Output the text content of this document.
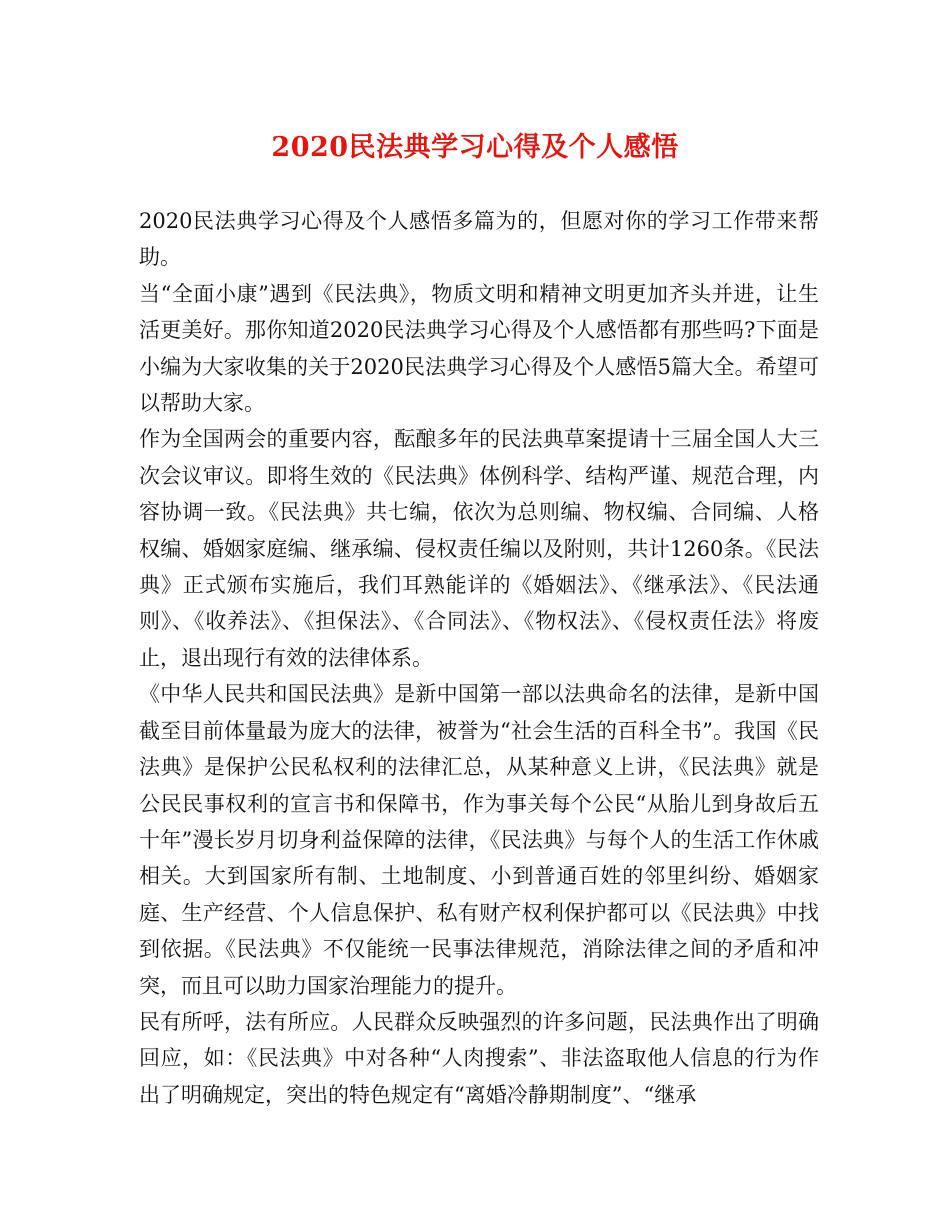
2020民法典学习心得及个人感悟

2020民法典学习心得及个人感悟多篇为的，但愿对你的学习工作带来帮助。

当“全面小康”遇到《民法典》，物质文明和精神文明更加齐头并进，让生活更美好。那你知道2020民法典学习心得及个人感悟都有那些吗?下面是小编为大家收集的关于2020民法典学习心得及个人感悟5篇大全。希望可以帮助大家。

作为全国两会的重要内容，酝酿多年的民法典草案提请十三届全国人大三次会议审议。即将生效的《民法典》体例科学、结构严谨、规范合理，内容协调一致。《民法典》共七编，依次为总则编、物权编、合同编、人格权编、婚姻家庭编、继承编、侵权责任编以及附则，共计1260条。《民法典》正式颁布实施后，我们耳熟能详的《婚姻法》、《继承法》、《民法通则》、《收养法》、《担保法》、《合同法》、《物权法》、《侵权责任法》将废止，退出现行有效的法律体系。

《中华人民共和国民法典》是新中国第一部以法典命名的法律，是新中国截至目前体量最为庞大的法律，被誉为“社会生活的百科全书”。我国《民法典》是保护公民私权利的法律汇总，从某种意义上讲，《民法典》就是公民民事权利的宣言书和保障书，作为事关每个公民“从胎儿到身故后五十年”漫长岁月切身利益保障的法律，《民法典》与每个人的生活工作休戚相关。大到国家所有制、土地制度、小到普通百姓的邻里纠纷、婚姻家庭、生产经营、个人信息保护、私有财产权利保护都可以《民法典》中找到依据。《民法典》不仅能统一民事法律规范，消除法律之间的矛盾和冲突，而且可以助力国家治理能力的提升。

民有所呼，法有所应。人民群众反映强烈的许多问题，民法典作出了明确回应，如：《民法典》中对各种“人肉搜索”、非法盗取他人信息的行为作出了明确规定，突出的特色规定有“离婚冷静期制度”、“继承
